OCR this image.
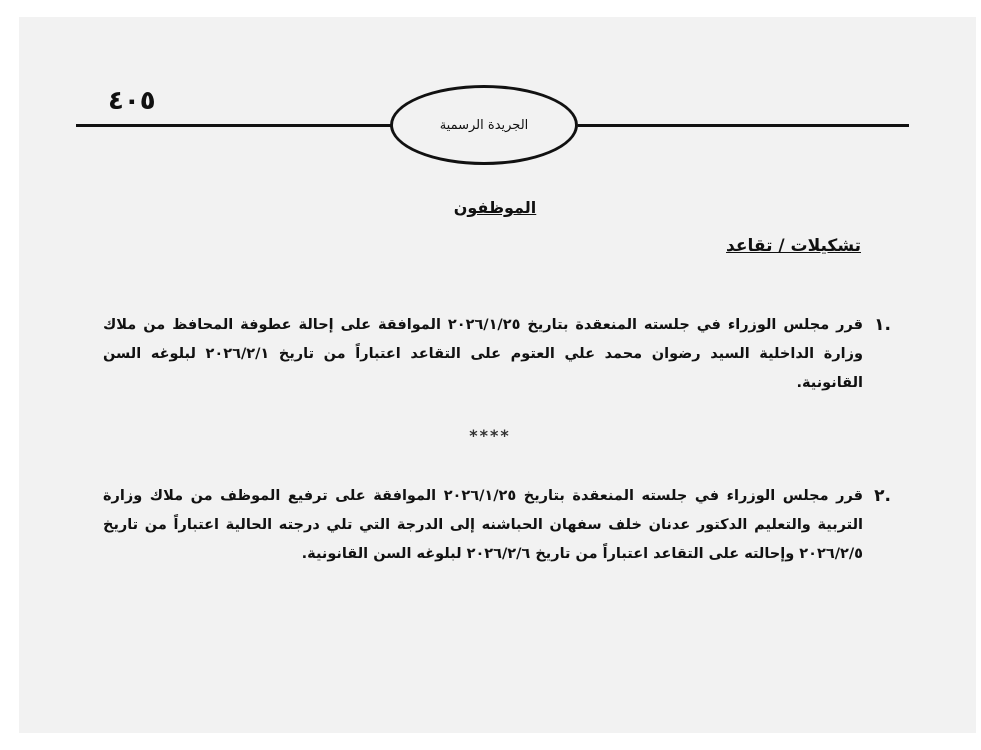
الجريدة الرسمية
٤٠٥
الموظفون
تشكيلات / تقاعد
.١
قرر مجلس الوزراء في جلسته المنعقدة بتاريخ ٢٠٢٦/١/٢٥ الموافقة على إحالة عطوفة المحافظ من ملاك وزارة الداخلية السيد رضوان محمد علي العتوم على التقاعد اعتباراً من تاريخ ٢٠٢٦/٢/١ لبلوغه السن القانونية.
****
.٢
قرر مجلس الوزراء في جلسته المنعقدة بتاريخ ٢٠٢٦/١/٢٥ الموافقة على ترفيع الموظف من ملاك وزارة التربية والتعليم الدكتور عدنان خلف سفهان الحباشنه إلى الدرجة التي تلي درجته الحالية اعتباراً من تاريخ ٢٠٢٦/٢/٥ وإحالته على التقاعد اعتباراً من تاريخ ٢٠٢٦/٢/٦ لبلوغه السن القانونية.
